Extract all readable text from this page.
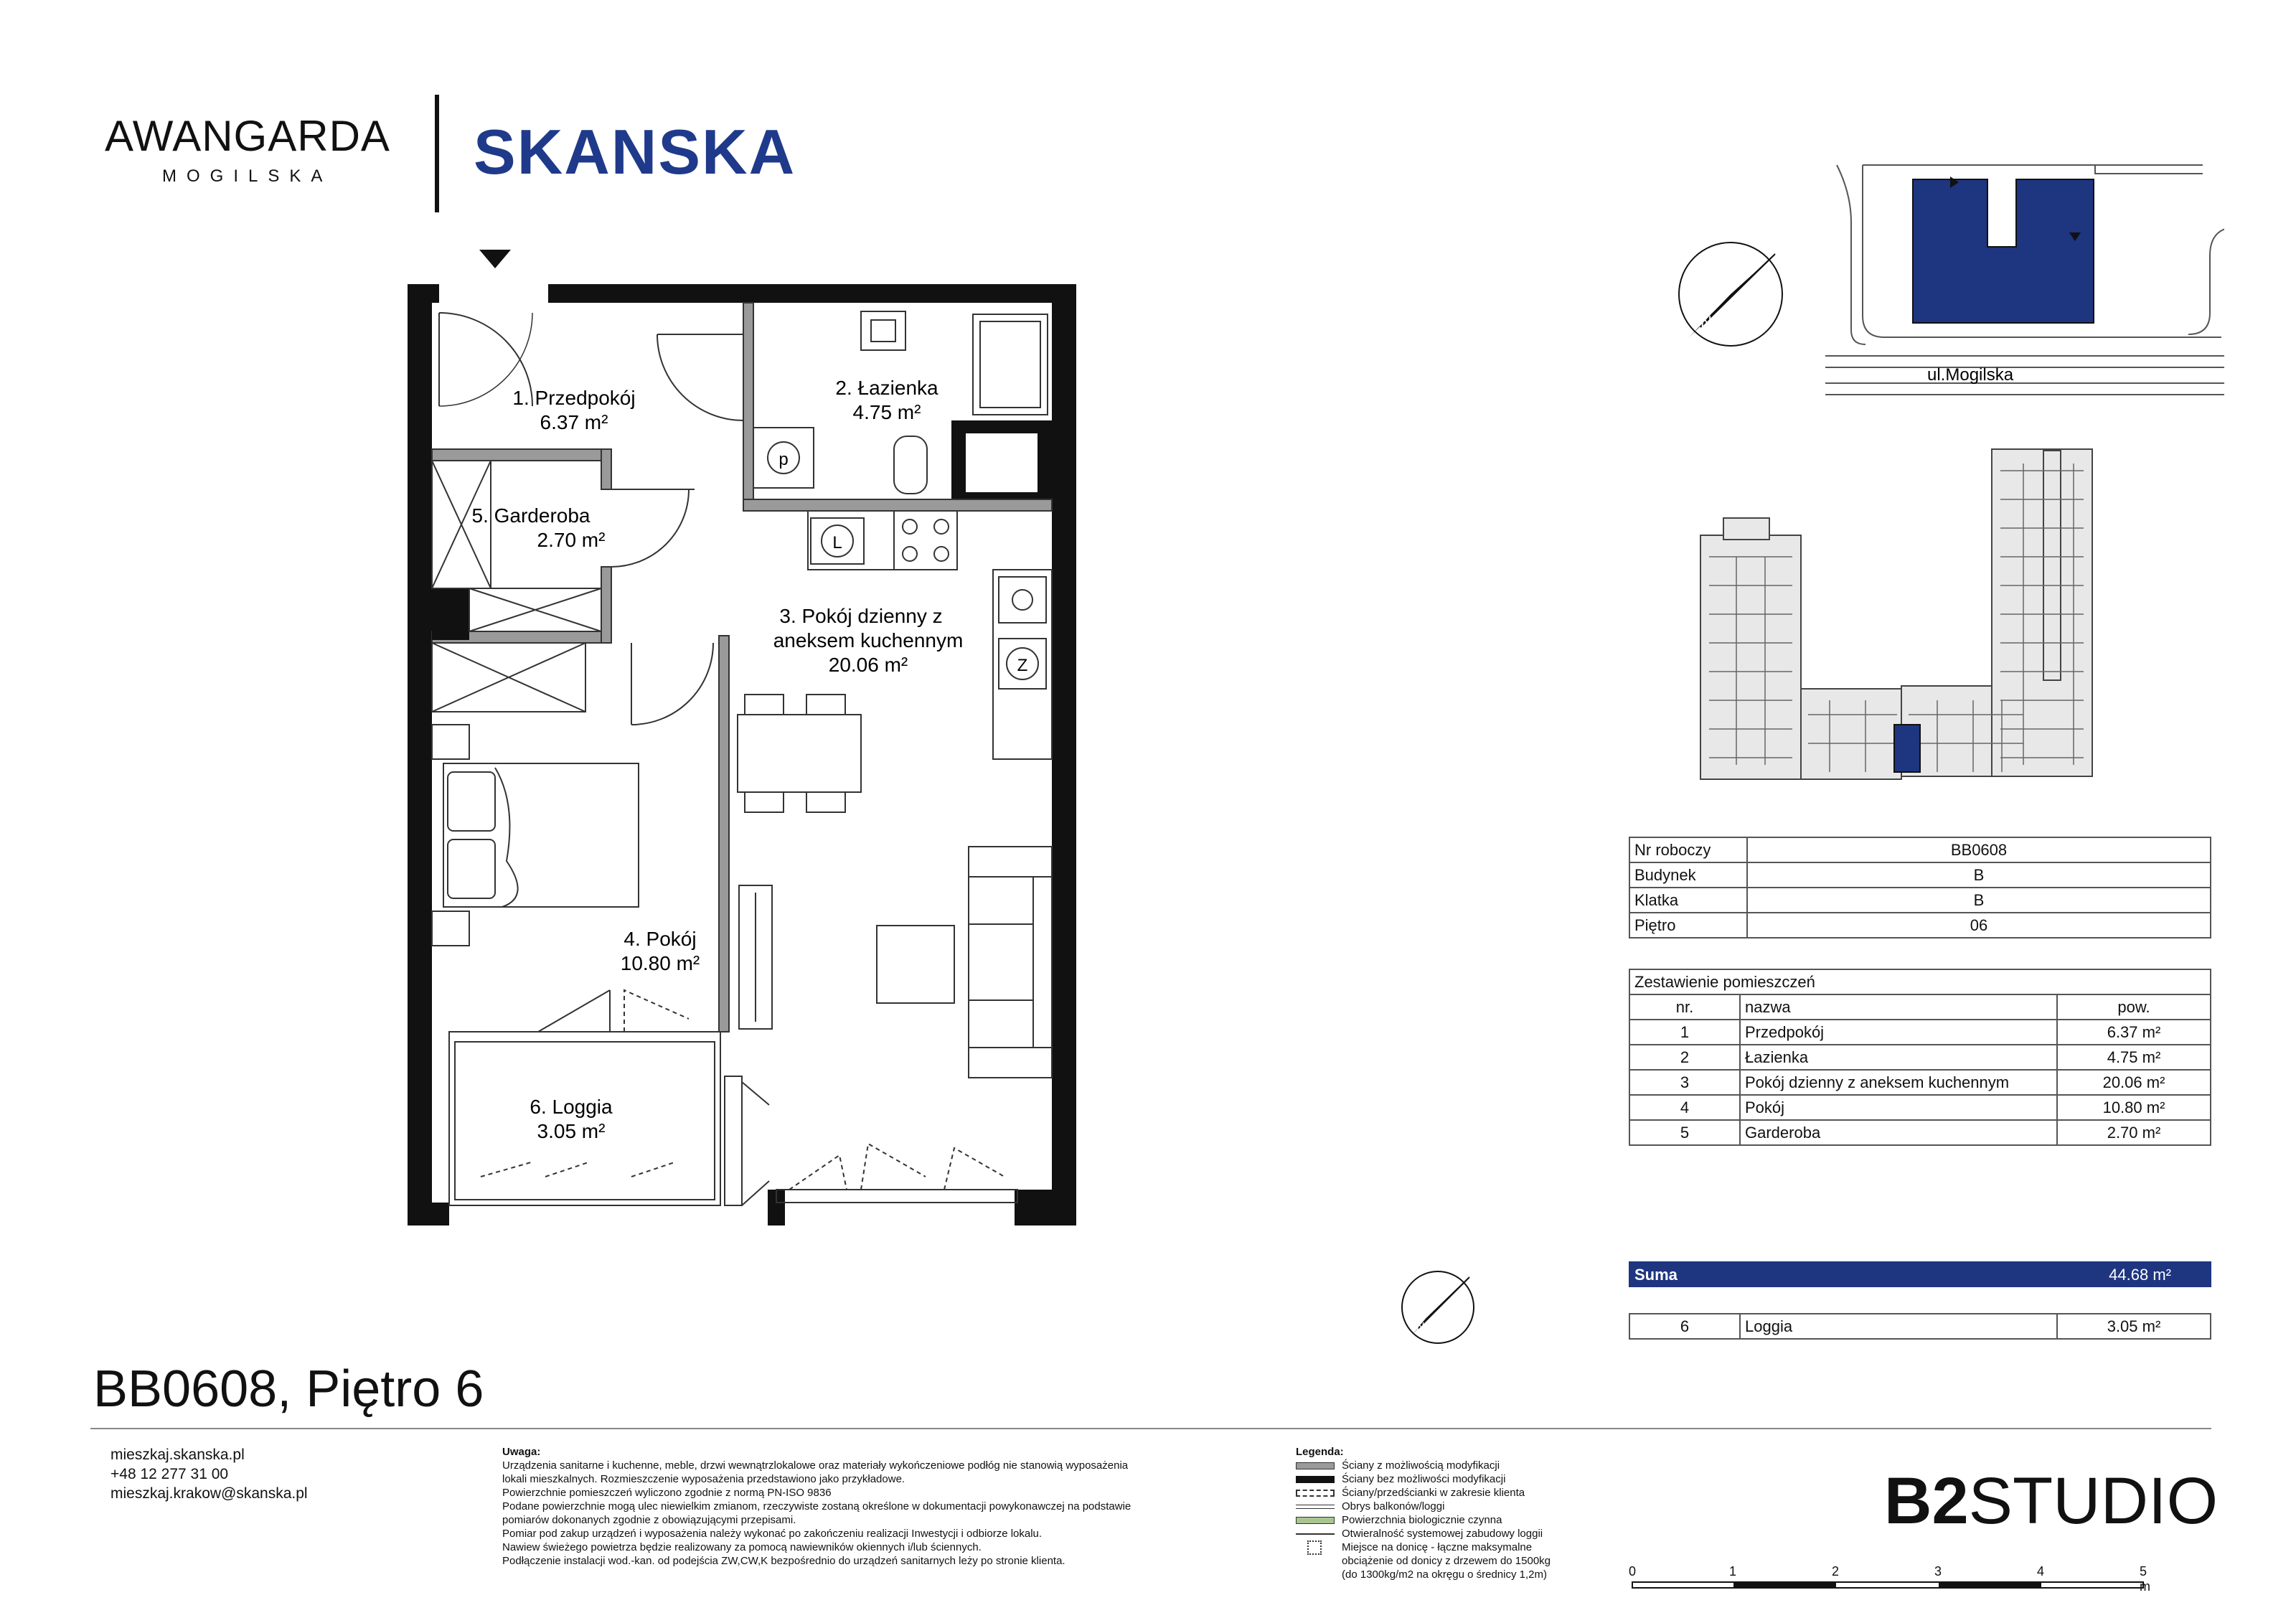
AWANGARDA
MOGILSKA SKANSKA
p
L
Z
1. Przedpokój
6.37 m²
2. Łazienka
4.75 m²
3. Pokój dzienny z
aneksem kuchennym
20.06 m²
4. Pokój
10.80 m²
5. Garderoba
2.70 m²
6. Loggia
3.05 m²
N
ul.Mogilska
Nr roboczy	BB0608
Budynek	B
Klatka	B
Piętro	06
Zestawienie pomieszczeń		
nr.	nazwa	pow.
1	Przedpokój	6.37 m²
2	Łazienka	4.75 m²
3	Pokój dzienny z aneksem kuchennym	20.06 m²
4	Pokój	10.80 m²
5	Garderoba	2.70 m²
Suma	44.68 m²
6	Loggia	3.05 m²
N
BB0608, Piętro 6
mieszkaj.skanska.pl
+48 12 277 31 00
mieszkaj.krakow@skanska.pl
Uwaga:
Urządzenia sanitarne i kuchenne, meble, drzwi wewnątrzlokalowe oraz materiały wykończeniowe podłóg nie stanowią wyposażenia
lokali mieszkalnych. Rozmieszczenie wyposażenia przedstawiono jako przykładowe.
Powierzchnie pomieszczeń wyliczono zgodnie z normą PN-ISO 9836
Podane powierzchnie mogą ulec niewielkim zmianom, rzeczywiste zostaną określone w dokumentacji powykonawczej na podstawie
pomiarów dokonanych zgodnie z obowiązującymi przepisami.
Pomiar pod zakup urządzeń i wyposażenia należy wykonać po zakończeniu realizacji Inwestycji i odbiorze lokalu.
Nawiew świeżego powietrza będzie realizowany za pomocą nawiewników okiennych i/lub ściennych.
Podłączenie instalacji wod.-kan. od podejścia ZW,CW,K bezpośrednio do urządzeń sanitarnych leży po stronie klienta.
Legenda:
Ściany z możliwością modyfikacji
Ściany bez możliwości modyfikacji
Ściany/przedścianki w zakresie klienta
Obrys balkonów/loggi
Powierzchnia biologicznie czynna
Otwieralność systemowej zabudowy loggii
Miejsce na donicę - łączne maksymalne
obciążenie od donicy z drzewem do 1500kg
(do 1300kg/m2 na okręgu o średnicy 1,2m)
B2STUDIO
0	1	2	3	4	5 m
